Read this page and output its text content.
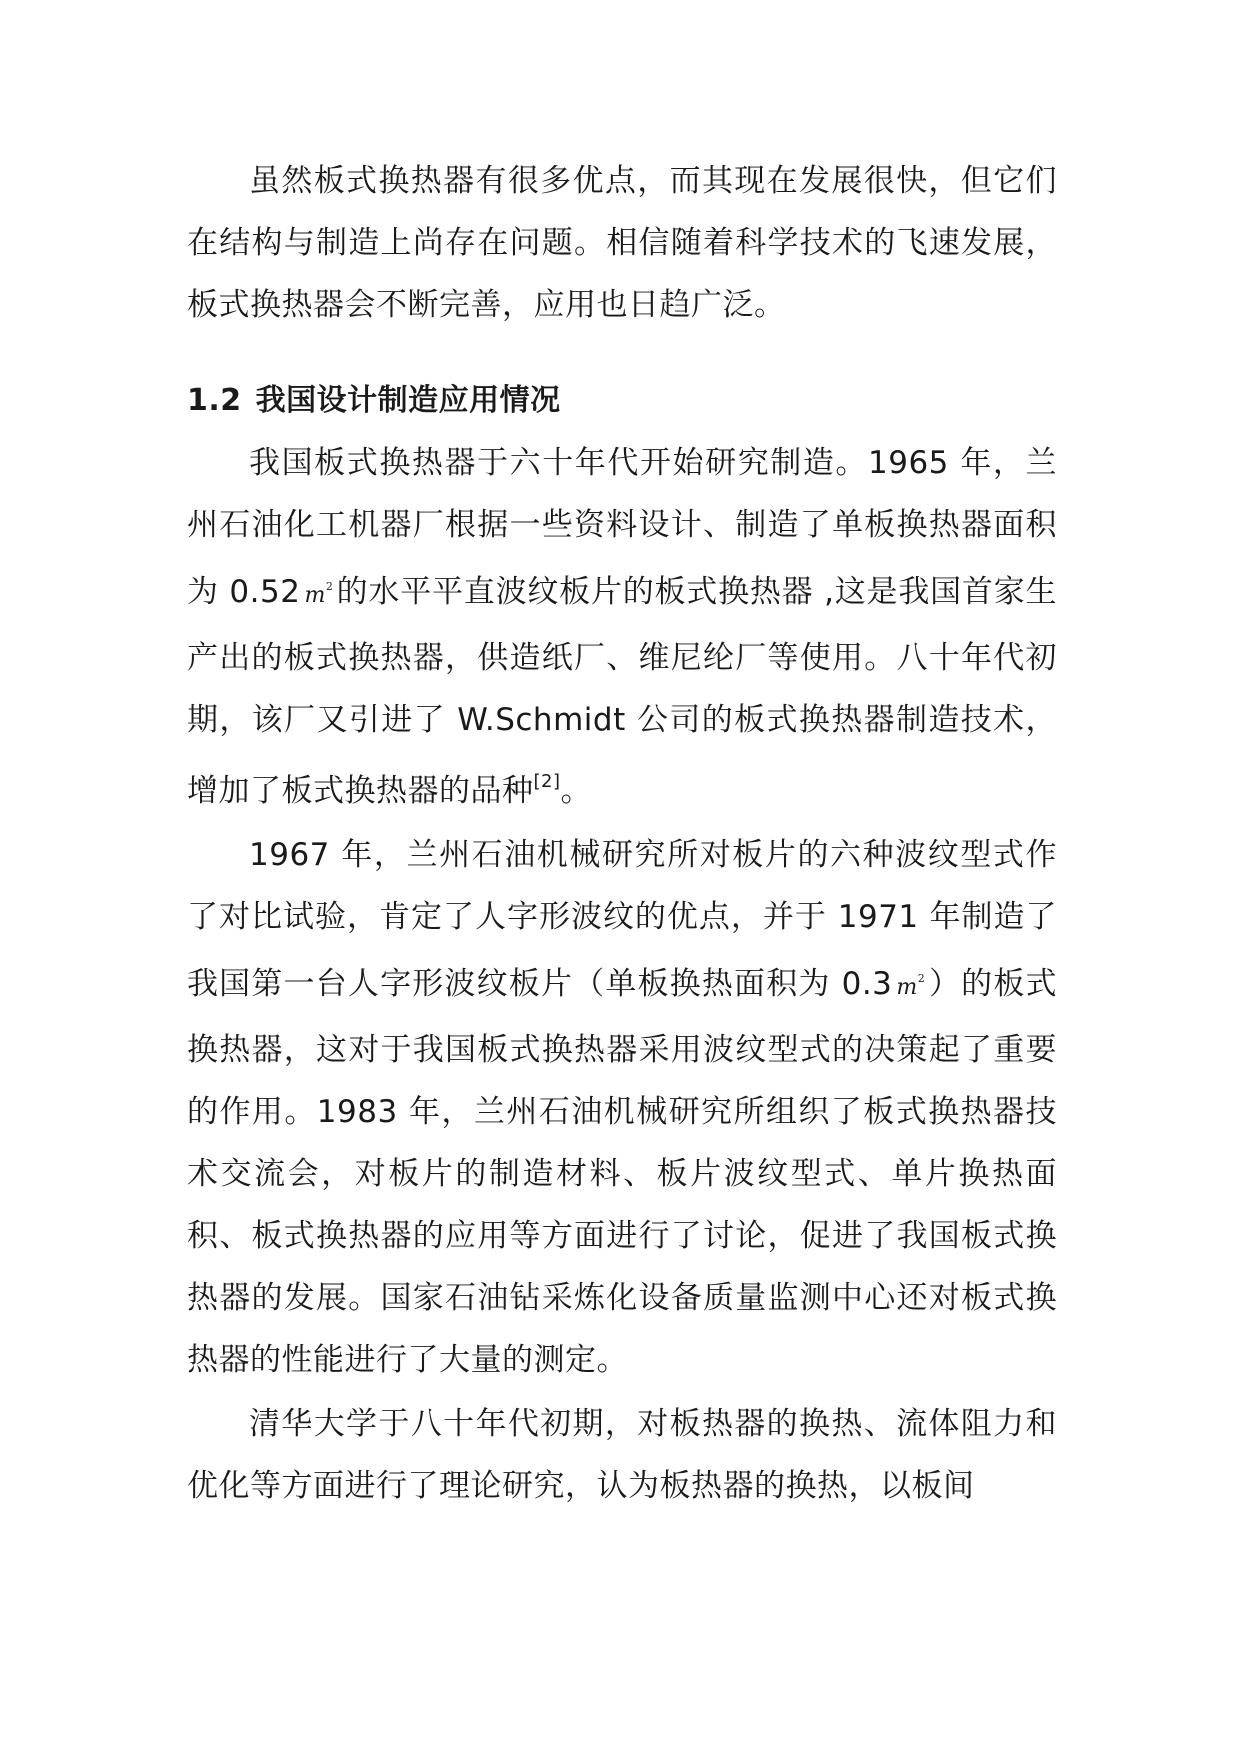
虽然板式换热器有很多优点，而其现在发展很快，但它们在结构与制造上尚存在问题。相信随着科学技术的飞速发展，板式换热器会不断完善，应用也日趋广泛。

1.2 我国设计制造应用情况

我国板式换热器于六十年代开始研究制造。1965 年，兰州石油化工机器厂根据一些资料设计、制造了单板换热器面积为 0.52 $m^2$的水平平直波纹板片的板式换热器 ,这是我国首家生产出的板式换热器，供造纸厂、维尼纶厂等使用。八十年代初期，该厂又引进了 W.Schmidt 公司的板式换热器制造技术，增加了板式换热器的品种[2]。

1967 年，兰州石油机械研究所对板片的六种波纹型式作了对比试验，肯定了人字形波纹的优点，并于 1971 年制造了我国第一台人字形波纹板片（单板换热面积为 0.3 $m^2$）的板式换热器，这对于我国板式换热器采用波纹型式的决策起了重要的作用。1983 年，兰州石油机械研究所组织了板式换热器技术交流会，对板片的制造材料、板片波纹型式、单片换热面积、板式换热器的应用等方面进行了讨论，促进了我国板式换热器的发展。国家石油钻采炼化设备质量监测中心还对板式换热器的性能进行了大量的测定。

清华大学于八十年代初期，对板热器的换热、流体阻力和优化等方面进行了理论研究，认为板热器的换热，以板间
